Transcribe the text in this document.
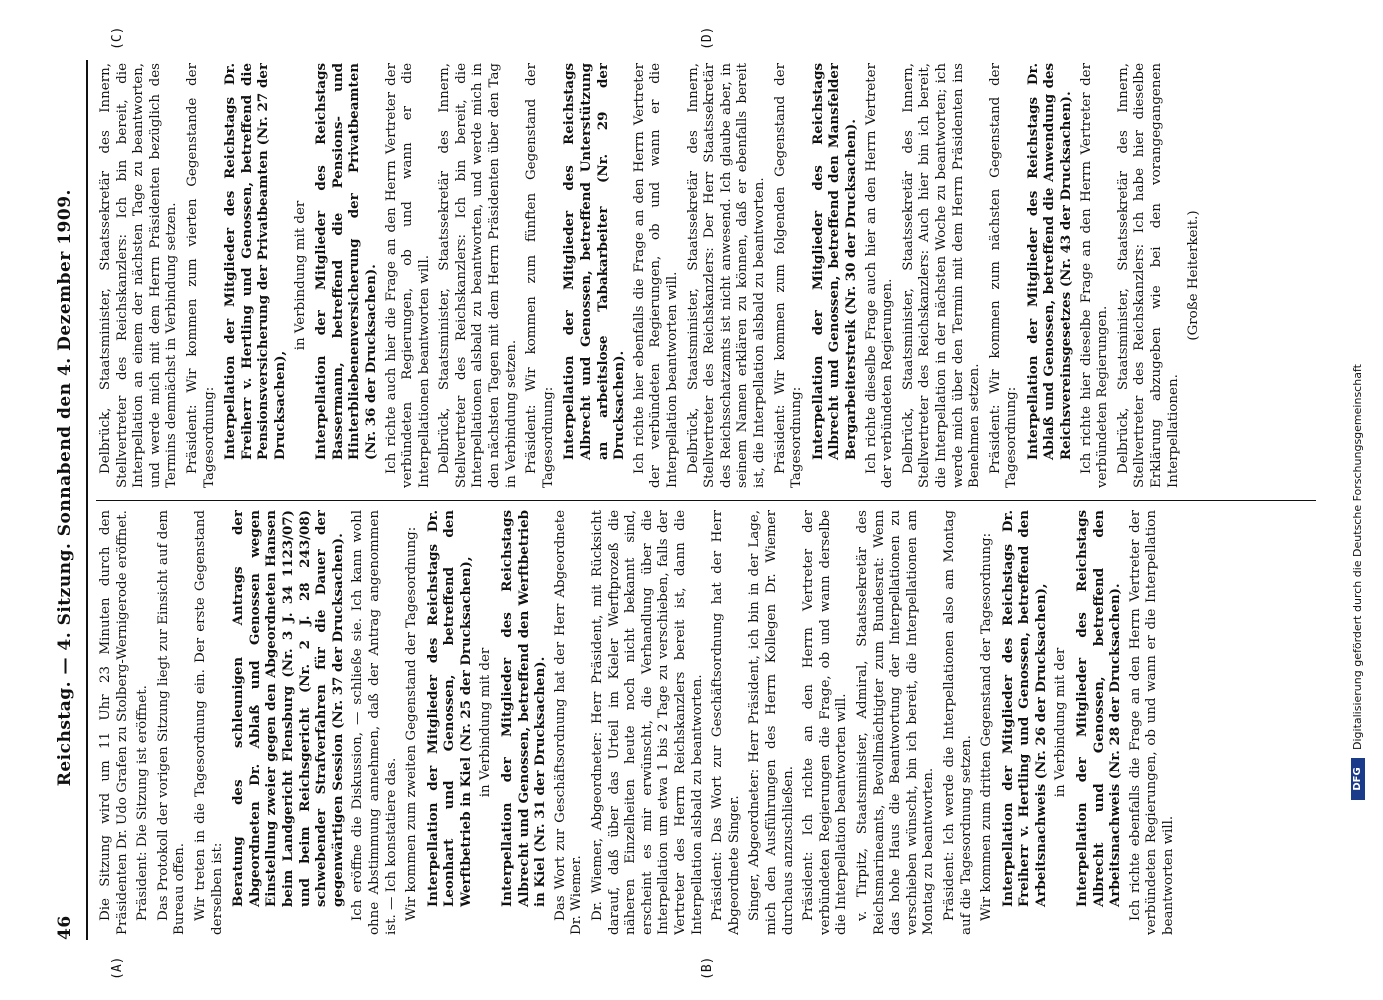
46
Reichstag. — 4. Sitzung. Sonnabend den 4. Dezember 1909.
(A)	(B)
(C)	(D)

Die Sitzung wird um 11 Uhr 23 Minuten durch den Präsidenten Dr. Udo Grafen zu Stolberg-Wernigerode eröffnet. Präsident: Die Sitzung ist eröffnet. Das Protokoll der vorigen Sitzung liegt zur Einsicht auf dem Bureau offen. Wir treten in die Tagesordnung ein. Der erste Gegenstand derselben ist: Beratung des schleunigen Antrags der Abgeordneten Dr. Ablaß und Genossen wegen Einstellung zweier gegen den Abgeordneten Hansen beim Landgericht Flensburg (Nr. 3 J. 34 1123/07) und beim Reichsgericht (Nr. 2 J. 28 243/08) schwebender Strafverfahren für die Dauer der gegenwärtigen Session (Nr. 37 der Drucksachen). Ich eröffne die Diskussion, — schließe sie. Ich kann wohl ohne Abstimmung annehmen, daß der Antrag angenommen ist. — Ich konstatiere das. Wir kommen zum zweiten Gegenstand der Tagesordnung: Interpellation der Mitglieder des Reichstags Dr. Leonhart und Genossen, betreffend den Werftbetrieb in Kiel (Nr. 25 der Drucksachen), in Verbindung mit der Interpellation der Mitglieder des Reichstags Albrecht und Genossen, betreffend den Werftbetrieb in Kiel (Nr. 31 der Drucksachen). Das Wort zur Geschäftsordnung hat der Herr Abgeordnete Dr. Wiemer. Dr. Wiemer, Abgeordneter: Herr Präsident, mit Rücksicht darauf, daß über das Urteil im Kieler Werftprozeß die näheren Einzelheiten heute noch nicht bekannt sind, erscheint es mir erwünscht, die Verhandlung über die Interpellation um etwa 1 bis 2 Tage zu verschieben, falls der Vertreter des Herrn Reichskanzlers bereit ist, dann die Interpellation alsbald zu beantworten. Präsident: Das Wort zur Geschäftsordnung hat der Herr Abgeordnete Singer. Singer, Abgeordneter: Herr Präsident, ich bin in der Lage, mich den Ausführungen des Herrn Kollegen Dr. Wiemer durchaus anzuschließen. Präsident: Ich richte an den Herrn Vertreter der verbündeten Regierungen die Frage, ob und wann derselbe die Interpellation beantworten will. v. Tirpitz, Staatsminister, Admiral, Staatssekretär des Reichsmarineamts, Bevollmächtigter zum Bundesrat: Wenn das hohe Haus die Beantwortung der Interpellationen zu verschieben wünscht, bin ich bereit, die Interpellationen am Montag zu beantworten. Präsident: Ich werde die Interpellationen also am Montag auf die Tagesordnung setzen. Wir kommen zum dritten Gegenstand der Tagesordnung: Interpellation der Mitglieder des Reichstags Dr. Freiherr v. Hertling und Genossen, betreffend den Arbeitsnachweis (Nr. 26 der Drucksachen), in Verbindung mit der Interpellation der Mitglieder des Reichstags Albrecht und Genossen, betreffend den Arbeitsnachweis (Nr. 28 der Drucksachen). Ich richte ebenfalls die Frage an den Herrn Vertreter der verbündeten Regierungen, ob und wann er die Interpellation beantworten will.

Delbrück, Staatsminister, Staatssekretär des Innern, Stellvertreter des Reichskanzlers: Ich bin bereit, die Interpellation an einem der nächsten Tage zu beantworten, und werde mich mit dem Herrn Präsidenten bezüglich des Termins demnächst in Verbindung setzen. Präsident: Wir kommen zum vierten Gegenstande der Tagesordnung: Interpellation der Mitglieder des Reichstags Dr. Freiherr v. Hertling und Genossen, betreffend die Pensionsversicherung der Privatbeamten (Nr. 27 der Drucksachen),

in Verbindung mit der Interpellation der Mitglieder des Reichstags Bassermann, betreffend die Pensions- und Hinterbliebenenversicherung der Privatbeamten (Nr. 36 der Drucksachen). Ich richte auch hier die Frage an den Herrn Vertreter der verbündeten Regierungen, ob und wann er die Interpellationen beantworten will. Delbrück, Staatsminister, Staatssekretär des Innern, Stellvertreter des Reichskanzlers: Ich bin bereit, die Interpellationen alsbald zu beantworten, und werde mich in den nächsten Tagen mit dem Herrn Präsidenten über den Tag in Verbindung setzen. Präsident: Wir kommen zum fünften Gegenstand der Tagesordnung: Interpellation der Mitglieder des Reichstags Albrecht und Genossen, betreffend Unterstützung an arbeitslose Tabakarbeiter (Nr. 29 der Drucksachen). Ich richte hier ebenfalls die Frage an den Herrn Vertreter der verbündeten Regierungen, ob und wann er die Interpellation beantworten will. Delbrück, Staatsminister, Staatssekretär des Innern, Stellvertreter des Reichskanzlers: Der Herr Staatssekretär des Reichsschatzamts ist nicht anwesend. Ich glaube aber, in seinem Namen erklären zu können, daß er ebenfalls bereit ist, die Interpellation alsbald zu beantworten. Präsident: Wir kommen zum folgenden Gegenstand der Tagesordnung: Interpellation der Mitglieder des Reichstags Albrecht und Genossen, betreffend den Mansfelder Bergarbeiterstreik (Nr. 30 der Drucksachen). Ich richte dieselbe Frage auch hier an den Herrn Vertreter der verbündeten Regierungen. Delbrück, Staatsminister, Staatssekretär des Innern, Stellvertreter des Reichskanzlers: Auch hier bin ich bereit, die Interpellation in der nächsten Woche zu beantworten; ich werde mich über den Termin mit dem Herrn Präsidenten ins Benehmen setzen. Präsident: Wir kommen zum nächsten Gegenstand der Tagesordnung: Interpellation der Mitglieder des Reichstags Dr. Ablaß und Genossen, betreffend die Anwendung des Reichsvereinsgesetzes (Nr. 43 der Drucksachen). Ich richte hier dieselbe Frage an den Herrn Vertreter der verbündeten Regierungen. Delbrück, Staatsminister, Staatssekretär des Innern, Stellvertreter des Reichskanzlers: Ich habe hier dieselbe Erklärung abzugeben wie bei den vorangegangenen Interpellationen.

(Große Heiterkeit.)

DFG
Digitalisierung gefördert durch die Deutsche Forschungsgemeinschaft
